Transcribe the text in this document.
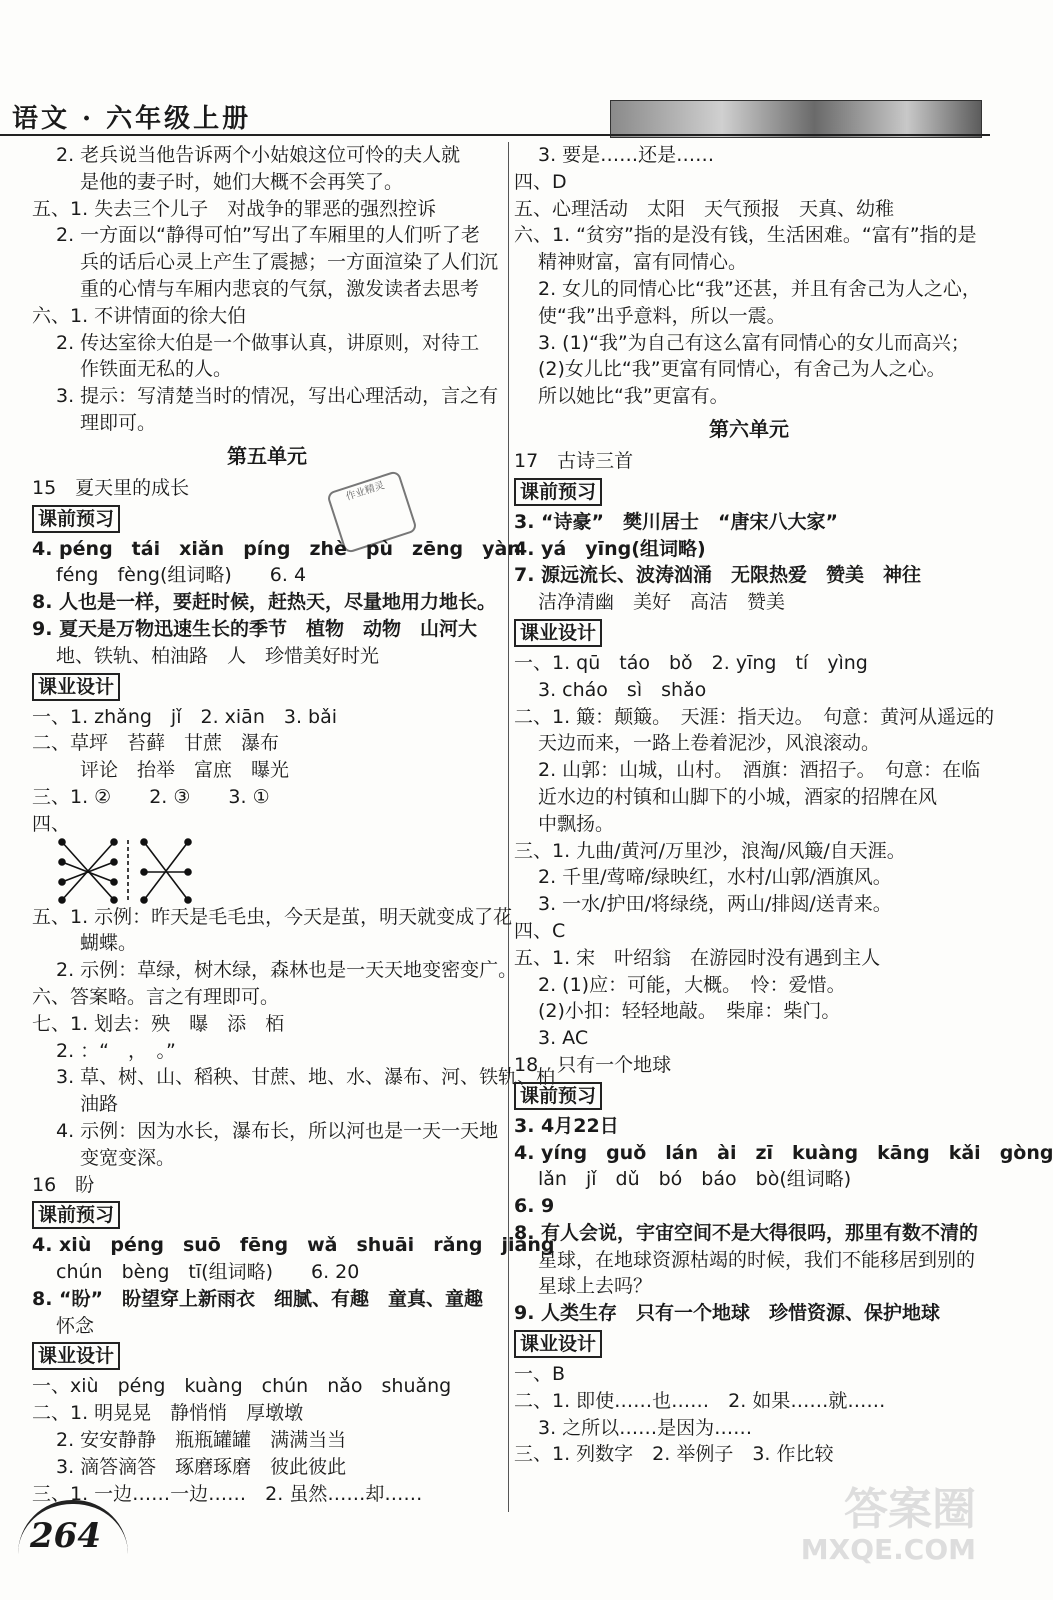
语文 · 六年级上册
作业精灵
2. 老兵说当他告诉两个小姑娘这位可怜的夫人就
是他的妻子时，她们大概不会再笑了。
五、1. 失去三个儿子　对战争的罪恶的强烈控诉
2. 一方面以“静得可怕”写出了车厢里的人们听了老
兵的话后心灵上产生了震撼；一方面渲染了人们沉
重的心情与车厢内悲哀的气氛，激发读者去思考
六、1. 不讲情面的徐大伯
2. 传达室徐大伯是一个做事认真，讲原则，对待工
作铁面无私的人。
3. 提示：写清楚当时的情况，写出心理活动，言之有
理即可。
第五单元
15　夏天里的成长
课前预习
4. péng　tái　xiǎn　píng　zhè　pù　zēng　yàn
féng　fèng(组词略)　　6. 4
8. 人也是一样，要赶时候，赶热天，尽量地用力地长。
9. 夏天是万物迅速生长的季节　植物　动物　山河大
地、铁轨、柏油路　人　珍惜美好时光
课业设计
一、1. zhǎng　jǐ　2. xiān　3. bǎi
二、草坪　苔藓　甘蔗　瀑布
评论　抬举　富庶　曝光
三、1. ②　　2. ③　　3. ①
四、
五、1. 示例：昨天是毛毛虫，今天是茧，明天就变成了花
蝴蝶。
2. 示例：草绿，树木绿，森林也是一天天地变密变广。
六、答案略。言之有理即可。
七、1. 划去：殃　曝　添　栢
2. ：“　，　。”
3. 草、树、山、稻秧、甘蔗、地、水、瀑布、河、铁轨、柏
油路
4. 示例：因为水长，瀑布长，所以河也是一天一天地
变宽变深。
16　盼
课前预习
4. xiù　péng　suō　fēng　wǎ　shuāi　rǎng　jiàng
chún　bèng　tī(组词略)　　6. 20
8. “盼”　盼望穿上新雨衣　细腻、有趣　童真、童趣
怀念
课业设计
一、xiù　péng　kuàng　chún　nǎo　shuǎng
二、1. 明晃晃　静悄悄　厚墩墩
2. 安安静静　瓶瓶罐罐　满满当当
3. 滴答滴答　琢磨琢磨　彼此彼此
三、1. 一边……一边……　2. 虽然……却……
3. 要是……还是……
四、D
五、心理活动　太阳　天气预报　天真、幼稚
六、1. “贫穷”指的是没有钱，生活困难。“富有”指的是
精神财富，富有同情心。
2. 女儿的同情心比“我”还甚，并且有舍己为人之心，
使“我”出乎意料，所以一震。
3. (1)“我”为自己有这么富有同情心的女儿而高兴；
(2)女儿比“我”更富有同情心，有舍己为人之心。
所以她比“我”更富有。
第六单元
17　古诗三首
课前预习
3. “诗豪”　樊川居士　“唐宋八大家”
4. yá　yīng(组词略)
7. 源远流长、波涛汹涌　无限热爱　赞美　神往
洁净清幽　美好　高洁　赞美
课业设计
一、1. qū　táo　bǒ　2. yīng　tí　yìng
3. cháo　sì　shǎo
二、1. 簸：颠簸。　天涯：指天边。　句意：黄河从遥远的
天边而来，一路上卷着泥沙，风浪滚动。
2. 山郭：山城，山村。　酒旗：酒招子。　句意：在临
近水边的村镇和山脚下的小城，酒家的招牌在风
中飘扬。
三、1. 九曲/黄河/万里沙，浪淘/风簸/自天涯。
2. 千里/莺啼/绿映红，水村/山郭/酒旗风。
3. 一水/护田/将绿绕，两山/排闼/送青来。
四、C
五、1. 宋　叶绍翁　在游园时没有遇到主人
2. (1)应：可能，大概。　怜：爱惜。
(2)小扣：轻轻地敲。　柴扉：柴门。
3. AC
18　只有一个地球
课前预习
3. 4月22日
4. yíng　guǒ　lán　ài　zī　kuàng　kāng　kǎi　gòng
lǎn　jǐ　dǔ　bó　báo　bò(组词略)
6. 9
8. 有人会说，宇宙空间不是大得很吗，那里有数不清的
星球，在地球资源枯竭的时候，我们不能移居到别的
星球上去吗？
9. 人类生存　只有一个地球　珍惜资源、保护地球
课业设计
一、B
二、1. 即使……也……　2. 如果……就……
3. 之所以……是因为……
三、1. 列数字　2. 举例子　3. 作比较
264
答案圈
MXQE.COM
